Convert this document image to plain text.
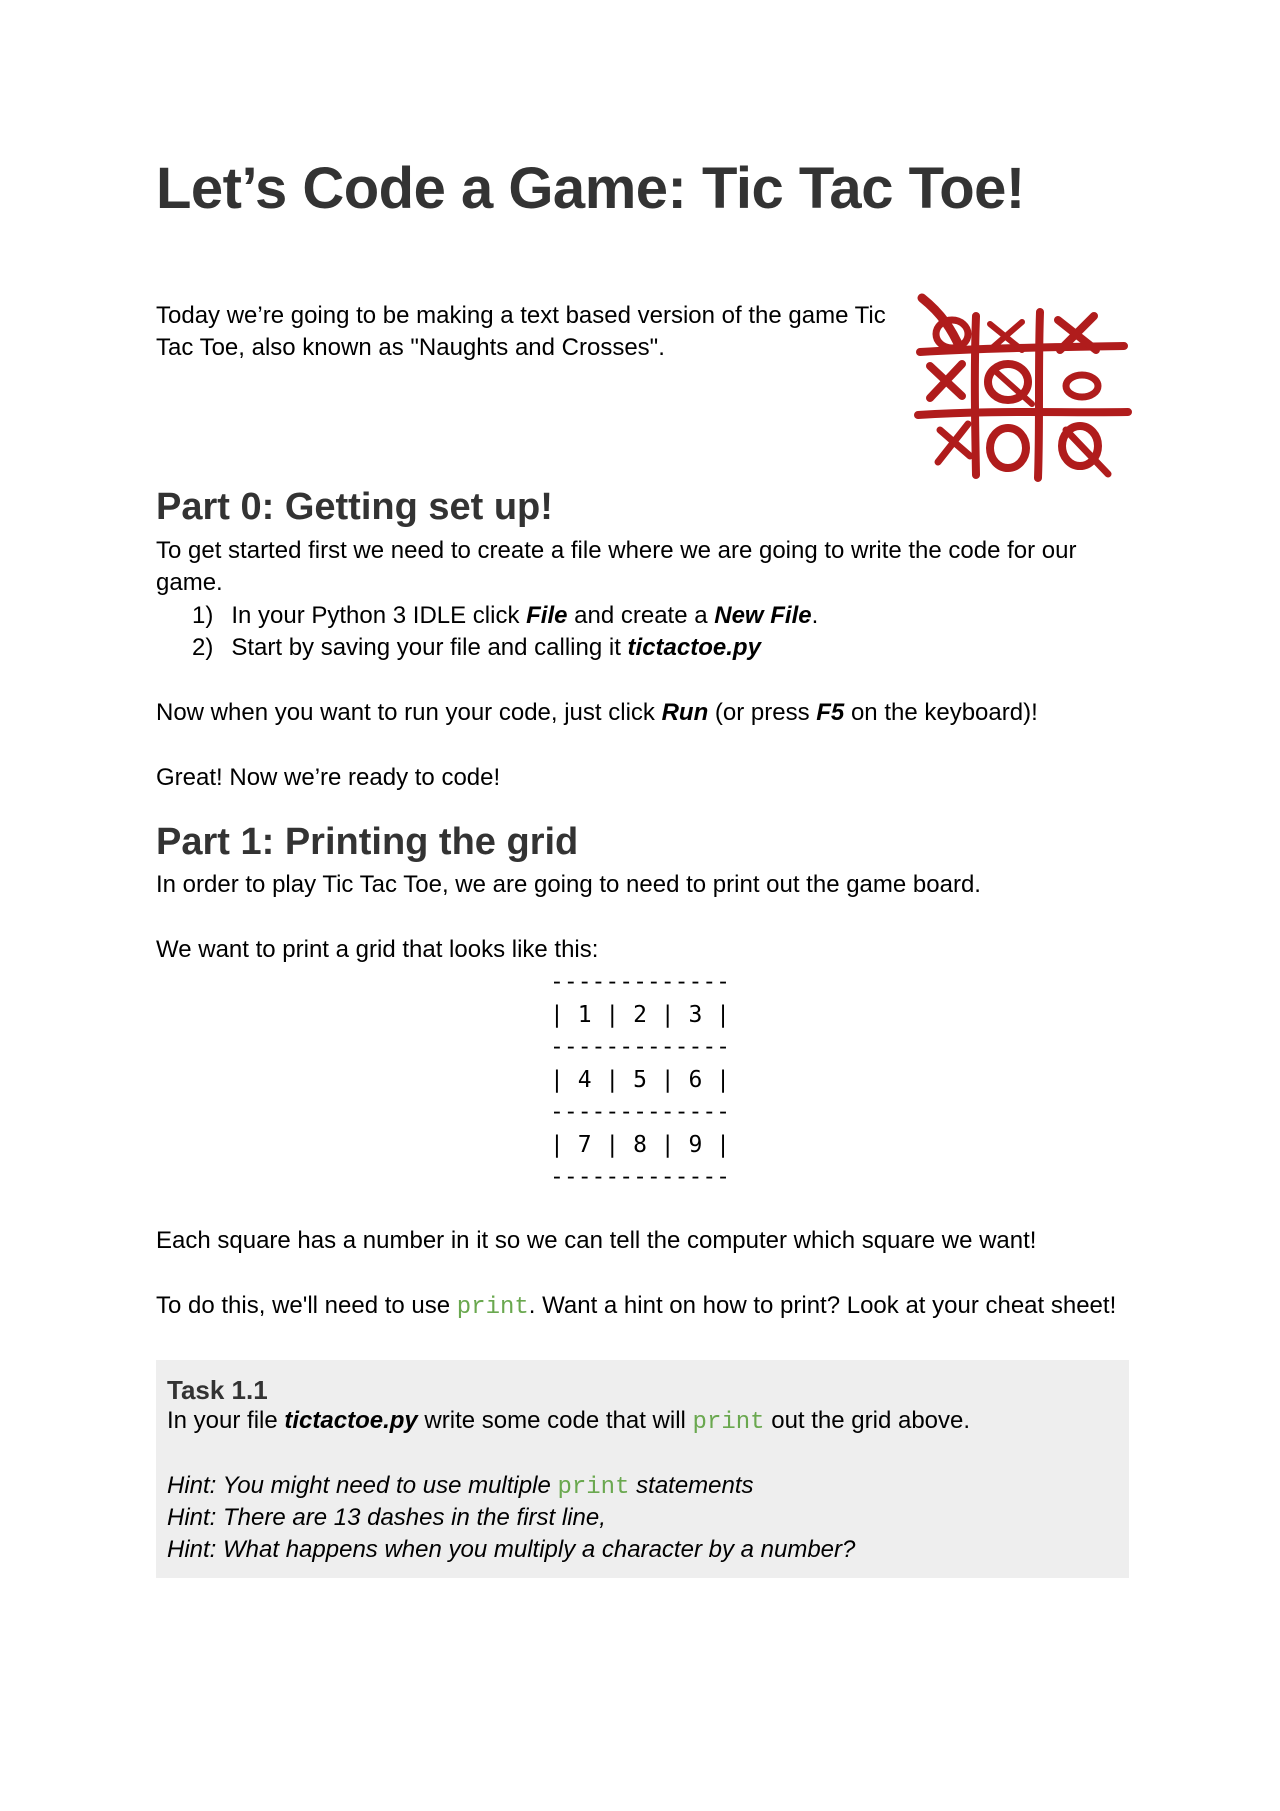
Let’s Code a Game: Tic Tac Toe!
Today we’re going to be making a text based version of the game Tic
Tac Toe, also known as "Naughts and Crosses".
Part 0: Getting set up!
To get started first we need to create a file where we are going to write the code for our
game.
1) In your Python 3 IDLE click File and create a New File.
2) Start by saving your file and calling it tictactoe.py
Now when you want to run your code, just click Run (or press F5 on the keyboard)!
Great! Now we’re ready to code!
Part 1: Printing the grid
In order to play Tic Tac Toe, we are going to need to print out the game board.
We want to print a grid that looks like this:
-------------
| 1 | 2 | 3 |
-------------
| 4 | 5 | 6 |
-------------
| 7 | 8 | 9 |
-------------
Each square has a number in it so we can tell the computer which square we want!
To do this, we'll need to use print. Want a hint on how to print? Look at your cheat sheet!
Task 1.1
In your file tictactoe.py write some code that will print out the grid above.
Hint: You might need to use multiple print statements
Hint: There are 13 dashes in the first line,
Hint: What happens when you multiply a character by a number?
